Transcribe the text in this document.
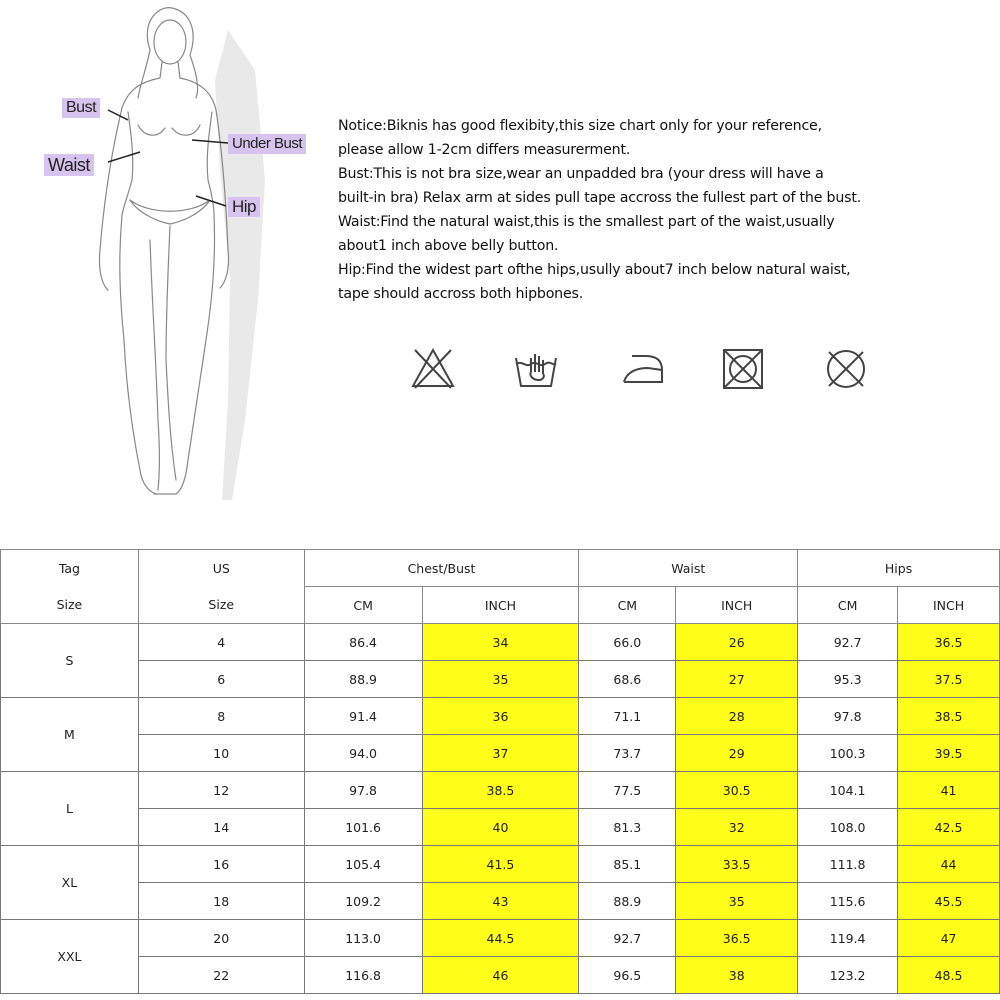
Bust
Waist
Under Bust
Hip

Notice:Biknis has good flexibity,this size chart only for your reference,

please allow 1-2cm differs measurerment.

Bust:This is not bra size,wear an unpadded bra (your dress will have a

built-in bra) Relax arm at sides pull tape accross the fullest part of the bust.

Waist:Find the natural waist,this is the smallest part of the waist,usually

about1 inch above belly button.

Hip:Find the widest part ofthe hips,usully about7 inch below natural waist,

tape should accross both hipbones.

Tag	US	Chest/Bust		Waist		Hips	
Size	Size	CM	INCH	CM	INCH	CM	INCH
S	4	86.4	34	66.0	26	92.7	36.5
	6	88.9	35	68.6	27	95.3	37.5
M	8	91.4	36	71.1	28	97.8	38.5
	10	94.0	37	73.7	29	100.3	39.5
L	12	97.8	38.5	77.5	30.5	104.1	41
	14	101.6	40	81.3	32	108.0	42.5
XL	16	105.4	41.5	85.1	33.5	111.8	44
	18	109.2	43	88.9	35	115.6	45.5
XXL	20	113.0	44.5	92.7	36.5	119.4	47
	22	116.8	46	96.5	38	123.2	48.5
